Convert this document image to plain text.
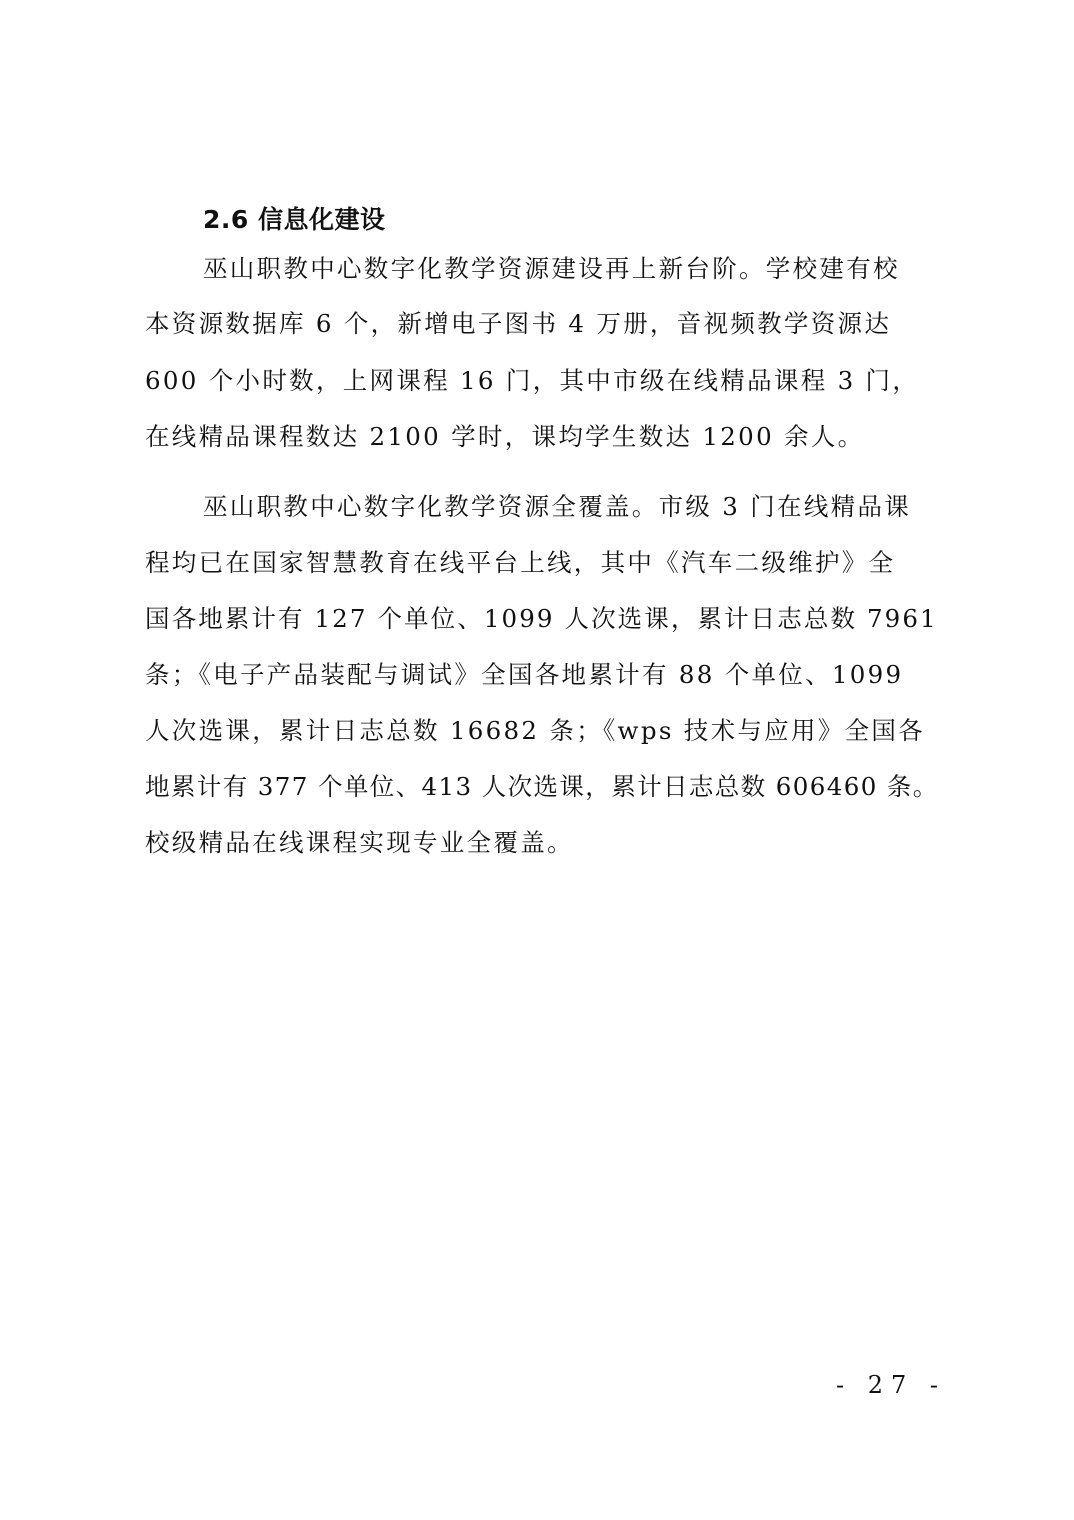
2.6 信息化建设
巫山职教中心数字化教学资源建设再上新台阶。学校建有校
本资源数据库 6 个，新增电子图书 4 万册，音视频教学资源达
600 个小时数，上网课程 16 门，其中市级在线精品课程 3 门，
在线精品课程数达 2100 学时，课均学生数达 1200 余人。
巫山职教中心数字化教学资源全覆盖。市级 3 门在线精品课
程均已在国家智慧教育在线平台上线，其中《汽车二级维护》全
国各地累计有 127 个单位、1099 人次选课，累计日志总数 7961
条；《电子产品装配与调试》全国各地累计有 88 个单位、1099
人次选课，累计日志总数 16682 条；《wps 技术与应用》全国各
地累计有 377 个单位、413 人次选课，累计日志总数 606460 条。
校级精品在线课程实现专业全覆盖。
- 27 -
